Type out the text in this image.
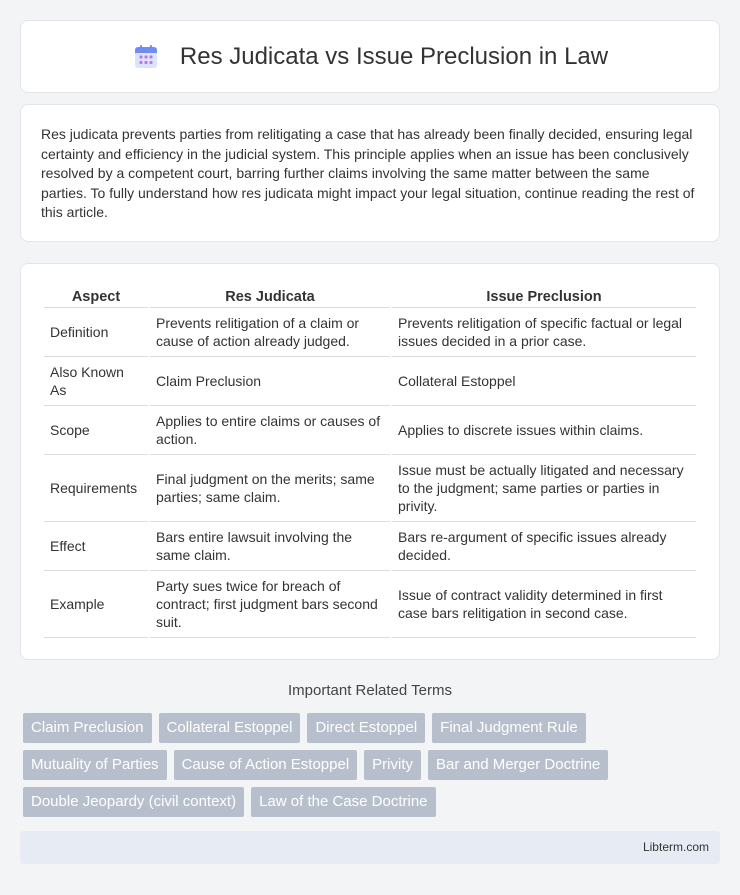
Res Judicata vs Issue Preclusion in Law

Res judicata prevents parties from relitigating a case that has already been finally decided, ensuring legal certainty and efficiency in the judicial system. This principle applies when an issue has been conclusively resolved by a competent court, barring further claims involving the same matter between the same parties. To fully understand how res judicata might impact your legal situation, continue reading the rest of this article.

Aspect	Res Judicata	Issue Preclusion
Definition	Prevents relitigation of a claim or cause of action already judged.	Prevents relitigation of specific factual or legal issues decided in a prior case.
Also Known As	Claim Preclusion	Collateral Estoppel
Scope	Applies to entire claims or causes of action.	Applies to discrete issues within claims.
Requirements	Final judgment on the merits; same parties; same claim.	Issue must be actually litigated and necessary to the judgment; same parties or parties in privity.
Effect	Bars entire lawsuit involving the same claim.	Bars re-argument of specific issues already decided.
Example	Party sues twice for breach of contract; first judgment bars second suit.	Issue of contract validity determined in first case bars relitigation in second case.
Important Related Terms
Claim Preclusion	Collateral Estoppel	Direct Estoppel	Final Judgment Rule
Mutuality of Parties	Cause of Action Estoppel	Privity	Bar and Merger Doctrine
Double Jeopardy (civil context)	Law of the Case Doctrine
Libterm.com
